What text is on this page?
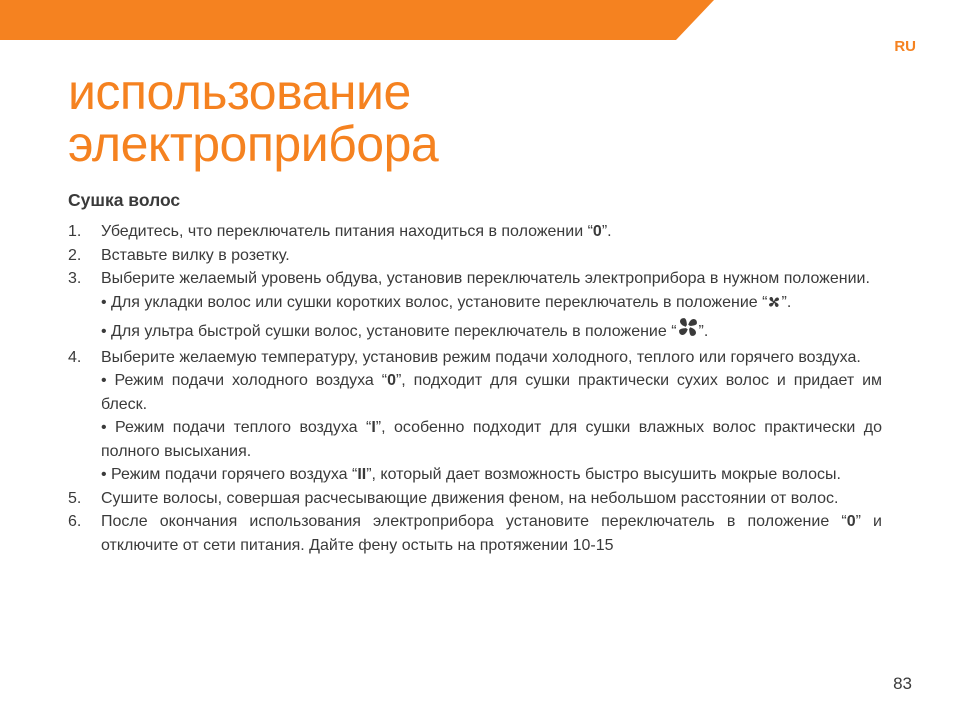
RU
использование
электроприбора
Сушка волос
1.	Убедитесь, что переключатель питания находиться в положении “0”.

2.	Вставьте вилку в розетку.

3.	Выберите желаемый уровень обдува, установив переключатель электроприбора в нужном положении.

• Для укладки волос или сушки коротких волос, установите переключатель в положение “ ”.

• Для ультра быстрой сушки волос, установите переключатель в положение “ ”.

4.	Выберите желаемую температуру, установив режим подачи холодного, теплого или горячего воздуха.

• Режим подачи холодного воздуха “0”, подходит для сушки практически сухих волос и придает им блеск.

• Режим подачи теплого воздуха “I”, особенно подходит для сушки влажных волос практически до полного высыхания.

• Режим подачи горячего воздуха “II”, который дает возможность быстро высушить мокрые волосы.

5.	Сушите волосы, совершая расчесывающие движения феном, на небольшом расстоянии от волос.

6.	После окончания использования электроприбора установите переключатель в положение “0” и отключите от сети питания. Дайте фену остыть на протяжении 10-15

83
